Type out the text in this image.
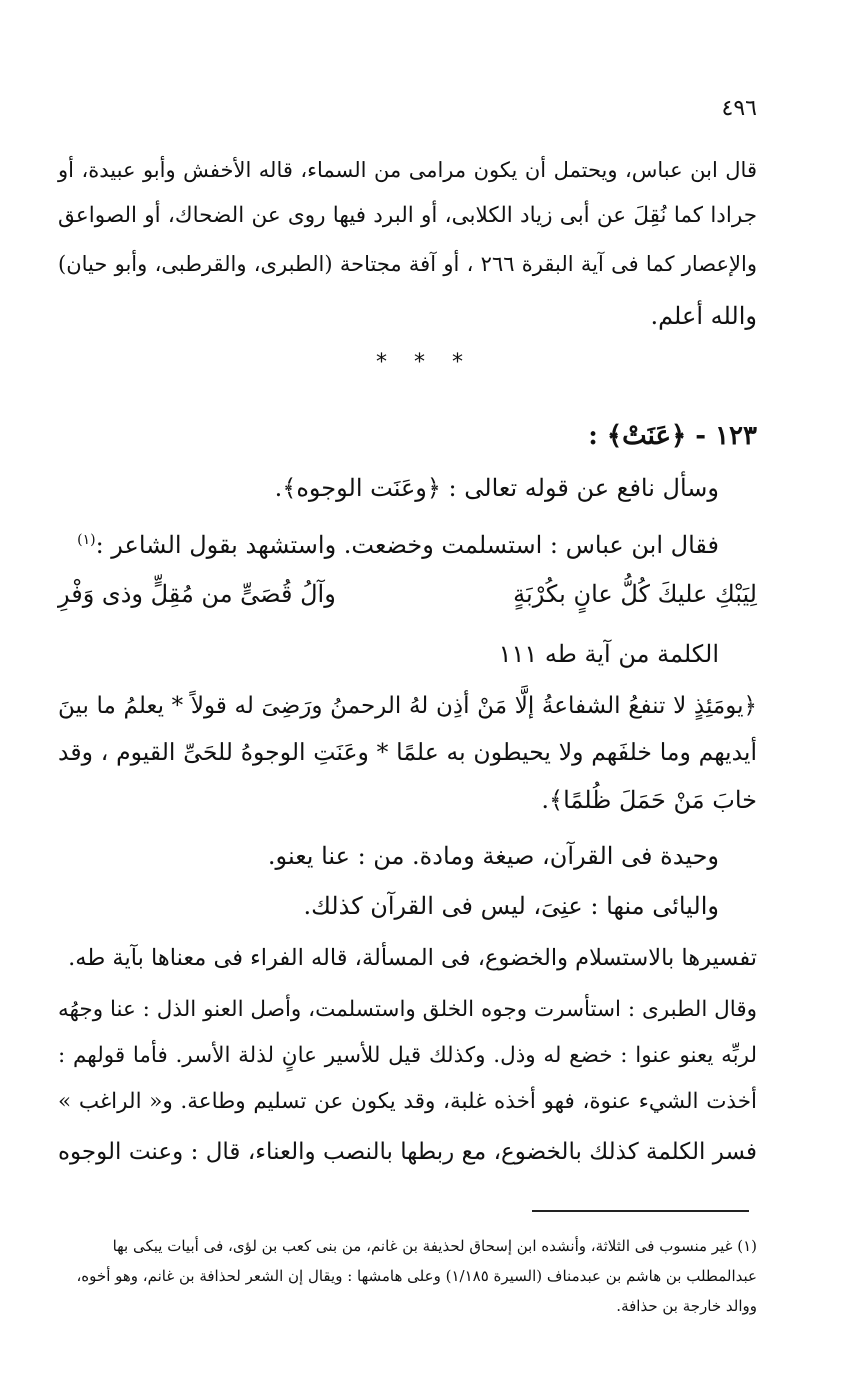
٤٩٦
قال ابن عباس، ويحتمل أن يكون مرامى من السماء، قاله الأخفش وأبو عبيدة، أو
جرادا كما نُقِلَ عن أبى زياد الكلابى، أو البرد فيها روى عن الضحاك، أو الصواعق
والإعصار كما فى آية البقرة ٢٦٦ ، أو آفة مجتاحة (الطبرى، والقرطبى، وأبو حيان)
والله أعلم.
* * *
١٢٣ - ﴿عَنَتْ﴾ :
وسأل نافع عن قوله تعالى : ﴿وعَنَت الوجوه﴾.
فقال ابن عباس : استسلمت وخضعت. واستشهد بقول الشاعر :$^{(١)}$
لِيَبْكِ عليكَ كُلُّ عانٍ بكُرْبَةٍ
وآلُ قُصَىٍّ من مُقِلٍّ وذى وَفْرِ
الكلمة من آية طه ١١١
﴿يومَئِذٍ لا تنفعُ الشفاعةُ إلَّا مَنْ أذِن لهُ الرحمنُ ورَضِىَ له قولاً * يعلمُ ما بينَ
أيديهم وما خلفَهم ولا يحيطون به علمًا * وعَنَتِ الوجوهُ للحَىِّ القيوم ، وقد
خابَ مَنْ حَمَلَ ظُلمًا﴾.
وحيدة فى القرآن، صيغة ومادة. من : عنا يعنو.
واليائى منها : عنِىَ، ليس فى القرآن كذلك.
تفسيرها بالاستسلام والخضوع، فى المسألة، قاله الفراء فى معناها بآية طه.
وقال الطبرى : استأسرت وجوه الخلق واستسلمت، وأصل العنو الذل : عنا وجهُه
لربِّه يعنو عنوا : خضع له وذل. وكذلك قيل للأسير عانٍ لذلة الأسر. فأما قولهم :
أخذت الشيء عنوة، فهو أخذه غلبة، وقد يكون عن تسليم وطاعة. و« الراغب »
فسر الكلمة كذلك بالخضوع، مع ربطها بالنصب والعناء، قال : وعنت الوجوه
(١) غير منسوب فى الثلاثة، وأنشده ابن إسحاق لحذيفة بن غانم، من بنى كعب بن لؤى، فى أبيات يبكى بها
عبدالمطلب بن هاشم بن عبدمناف (السيرة ١/١٨٥) وعلى هامشها : ويقال إن الشعر لحذافة بن غانم، وهو أخوه،
ووالد خارجة بن حذافة.
